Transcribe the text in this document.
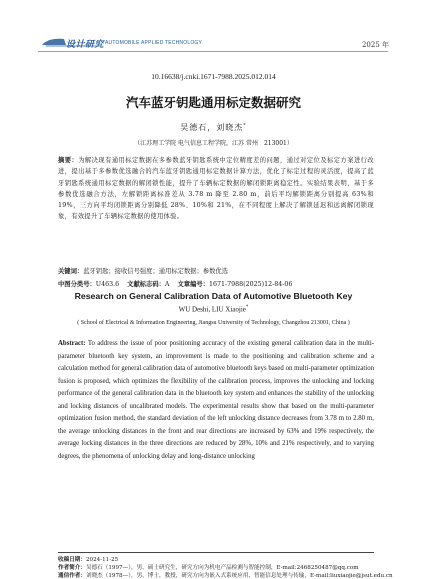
设计研究 AUTOMOBILE APPLIED TECHNOLOGY	2025 年
10.16638/j.cnki.1671-7988.2025.012.014
汽车蓝牙钥匙通用标定数据研究
吴德石，刘晓杰*
（江苏理工学院 电气信息工程学院，江苏 常州　213001）
摘要：为解决现有通用标定数据在多参数蓝牙钥匙系统中定位精度差的问题，通过对定位及标定方案进行改进，提出基于多参数优选融合的汽车蓝牙钥匙通用标定数据计算方法，优化了标定过程的灵活度，提高了蓝牙钥匙系统通用标定数据的解闭锁性能，提升了车辆标定数据的解闭锁距离稳定性。实验结果表明，基于多参数优选融合方法，左解锁距离标准差从 3.78 m 降至 2.80 m，前后平均解锁距离分别提高 63%和 19%，三方向平均闭锁距离分别降低 28%、10%和 21%，在不同程度上解决了解锁延迟和远离解闭锁现象，有效提升了车辆标定数据的使用体验。
关键词：蓝牙钥匙；接收信号强度；通用标定数据；参数优选
中图分类号：U463.6 文献标志码：A 文章编号：1671-7988(2025)12-84-06
Research on General Calibration Data of Automotive Bluetooth Key
WU Deshi, LIU Xiaojie*
( School of Electrical & Information Engineering, Jiangsu University of Technology, Changzhou 213001, China )
Abstract: To address the issue of poor positioning accuracy of the existing general calibration data in the multi-parameter bluetooth key system, an improvement is made to the positioning and calibration scheme and a calculation method for general calibration data of automotive bluetooth keys based on multi-parameter optimization fusion is proposed, which optimizes the flexibility of the calibration process, improves the unlocking and locking performance of the general calibration data in the bluetooth key system and enhances the stability of the unlocking and locking distances of uncalibrated models. The experimental results show that based on the multi-parameter optimization fusion method, the standard deviation of the left unlocking distance decreases from 3.78 m to 2.80 m, the average unlocking distances in the front and rear directions are increased by 63% and 19% respectively, the average locking distances in the three directions are reduced by 28%, 10% and 21% respectively, and to varying degrees, the phenomena of unlocking delay and long-distance unlocking
收稿日期：2024-11-25
作者简介：吴德石（1997—），男，硕士研究生，研究方向为机电产品检测与智能控制，E-mail:2468250487@qq.com
通信作者：刘晓杰（1978—），男，博士，教授，研究方向为嵌入式系统应用、智能信息处理与传输，E-mail:liuxiaojie@jsut.edu.cn
